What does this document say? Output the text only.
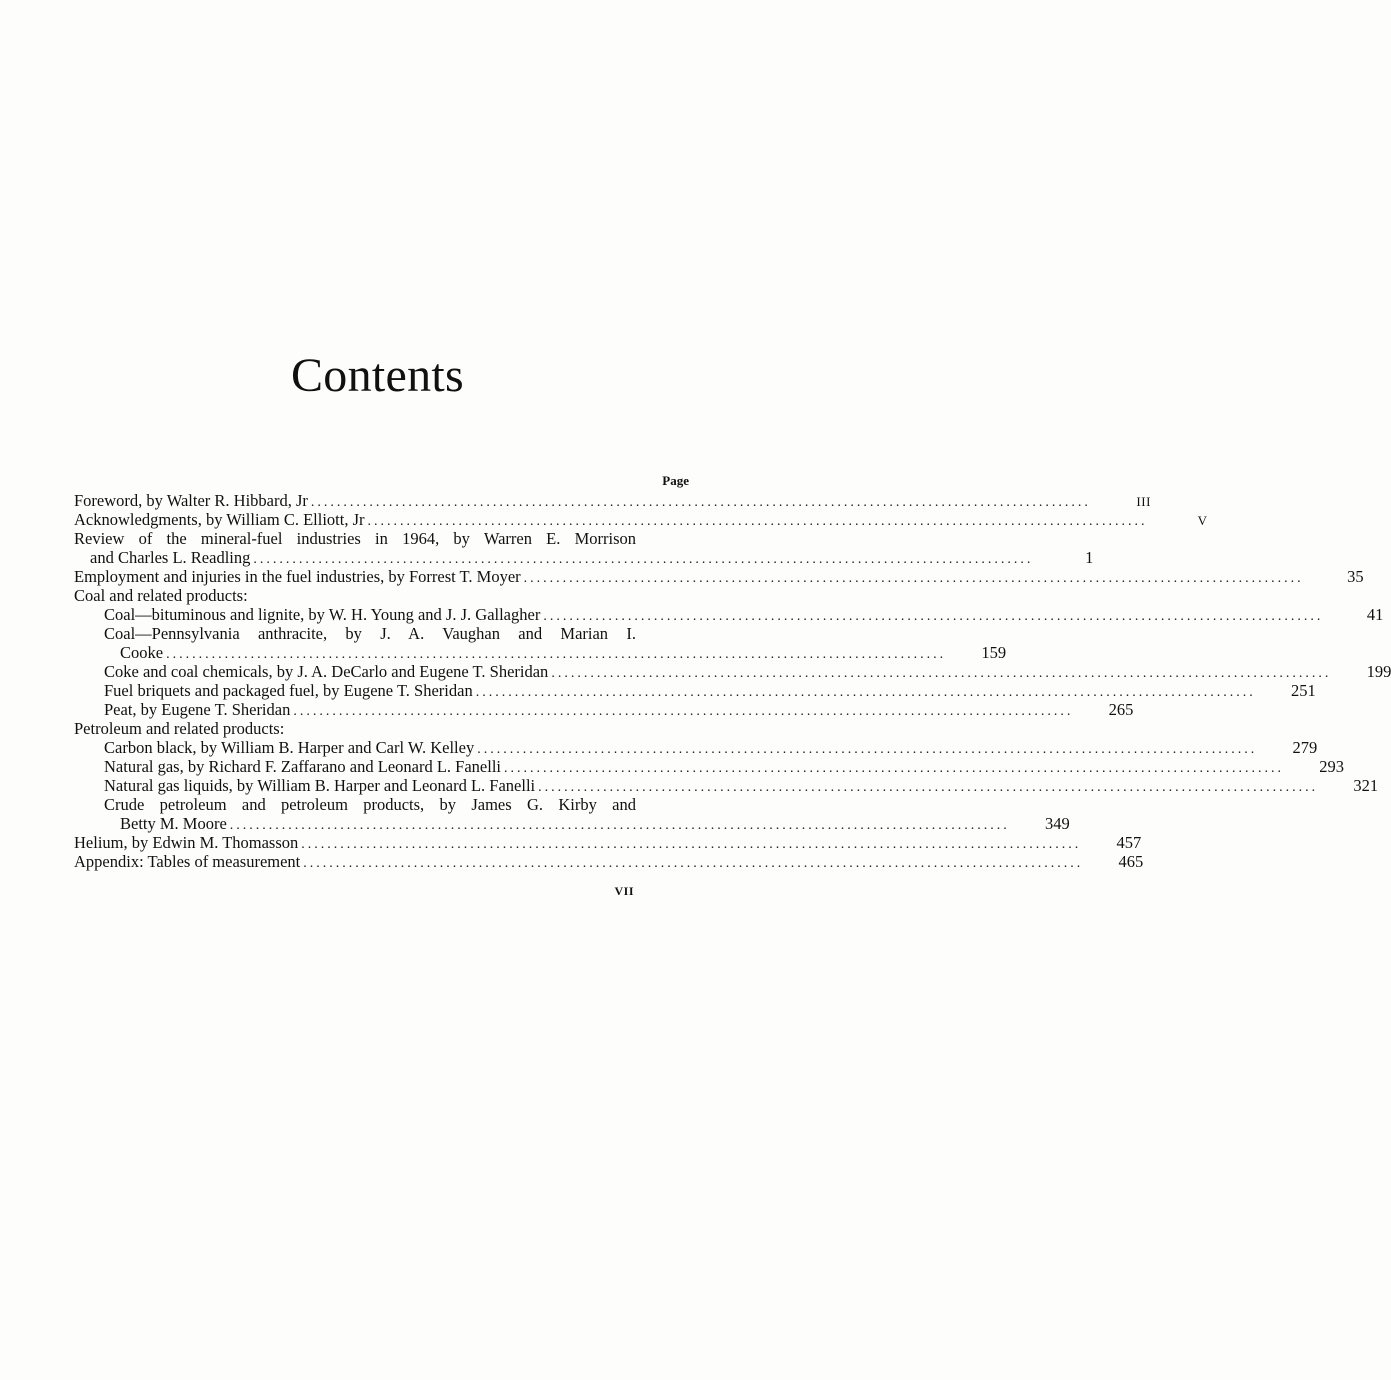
Contents
Page
Foreword, by Walter R. Hibbard, Jr ........................................................................................................................	III
Acknowledgments, by William C. Elliott, Jr ........................................................................................................................	V
Review of the mineral-fuel industries in 1964, by Warren E. Morrison
and Charles L. Readling ........................................................................................................................	1
Employment and injuries in the fuel industries, by Forrest T. Moyer ........................................................................................................................	35
Coal and related products:
Coal—bituminous and lignite, by W. H. Young and J. J. Gallagher ........................................................................................................................	41
Coal—Pennsylvania anthracite, by J. A. Vaughan and Marian I.
Cooke ........................................................................................................................	159
Coke and coal chemicals, by J. A. DeCarlo and Eugene T. Sheridan ........................................................................................................................	199
Fuel briquets and packaged fuel, by Eugene T. Sheridan ........................................................................................................................	251
Peat, by Eugene T. Sheridan ........................................................................................................................	265
Petroleum and related products:
Carbon black, by William B. Harper and Carl W. Kelley ........................................................................................................................	279
Natural gas, by Richard F. Zaffarano and Leonard L. Fanelli ........................................................................................................................	293
Natural gas liquids, by William B. Harper and Leonard L. Fanelli ........................................................................................................................	321
Crude petroleum and petroleum products, by James G. Kirby and
Betty M. Moore ........................................................................................................................	349
Helium, by Edwin M. Thomasson ........................................................................................................................	457
Appendix: Tables of measurement ........................................................................................................................	465
VII
